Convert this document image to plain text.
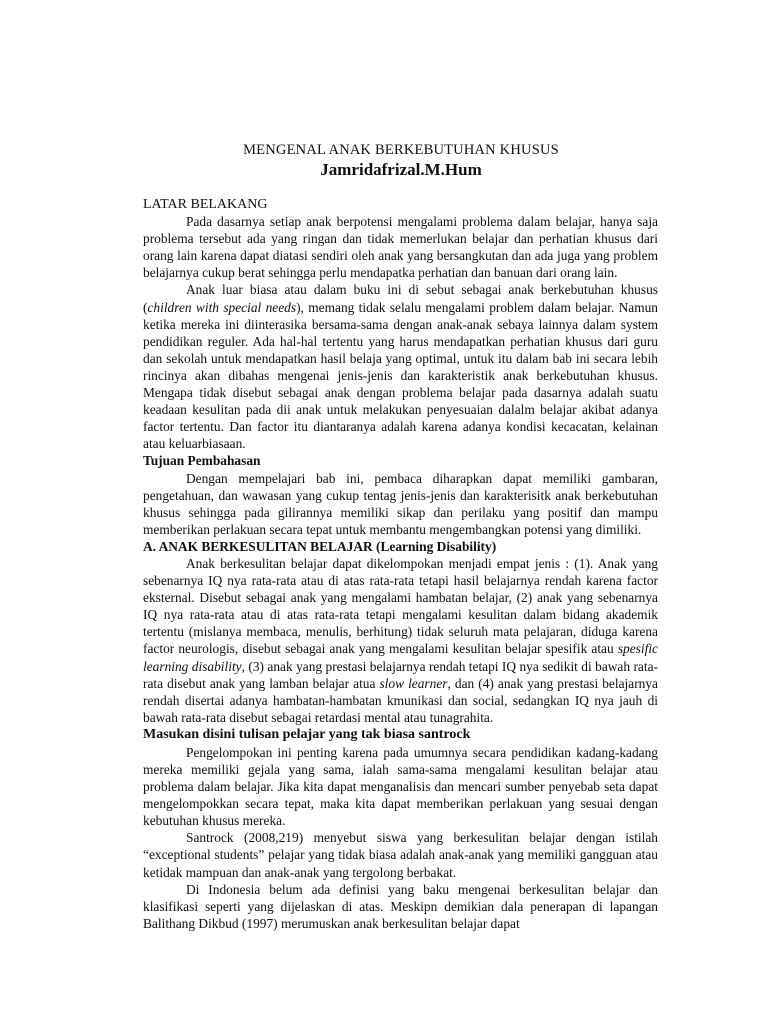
MENGENAL ANAK BERKEBUTUHAN KHUSUS
Jamridafrizal.M.Hum

LATAR BELAKANG

Pada dasarnya setiap anak berpotensi mengalami problema dalam belajar, hanya saja problema tersebut ada yang ringan dan tidak memerlukan belajar dan perhatian khusus dari orang lain karena dapat diatasi sendiri oleh anak yang bersangkutan dan ada juga yang problem belajarnya cukup berat sehingga perlu mendapatka perhatian dan banuan dari orang lain.

Anak luar biasa atau dalam buku ini di sebut sebagai anak berkebutuhan khusus (children with special needs), memang tidak selalu mengalami problem dalam belajar. Namun ketika mereka ini diinterasika bersama-sama dengan anak-anak sebaya lainnya dalam system pendidikan reguler. Ada hal-hal tertentu yang harus mendapatkan perhatian khusus dari guru dan sekolah untuk mendapatkan hasil belaja yang optimal, untuk itu dalam bab ini secara lebih rincinya akan dibahas mengenai jenis-jenis dan karakteristik anak berkebutuhan khusus. Mengapa tidak disebut sebagai anak dengan problema belajar pada dasarnya adalah suatu keadaan kesulitan pada dii anak untuk melakukan penyesuaian dalalm belajar akibat adanya factor tertentu. Dan factor itu diantaranya adalah karena adanya kondisi kecacatan, kelainan atau keluarbiasaan.

Tujuan Pembahasan

Dengan mempelajari bab ini, pembaca diharapkan dapat memiliki gambaran, pengetahuan, dan wawasan yang cukup tentag jenis-jenis dan karakterisitk anak berkebutuhan khusus sehingga pada gilirannya memiliki sikap dan perilaku yang positif dan mampu memberikan perlakuan secara tepat untuk membantu mengembangkan potensi yang dimiliki.

A. ANAK BERKESULITAN BELAJAR (Learning Disability)

Anak berkesulitan belajar dapat dikelompokan menjadi empat jenis : (1). Anak yang sebenarnya IQ nya rata-rata atau di atas rata-rata tetapi hasil belajarnya rendah karena factor eksternal. Disebut sebagai anak yang mengalami hambatan belajar, (2) anak yang sebenarnya IQ nya rata-rata atau di atas rata-rata tetapi mengalami kesulitan dalam bidang akademik tertentu (mislanya membaca, menulis, berhitung) tidak seluruh mata pelajaran, diduga karena factor neurologis, disebut sebagai anak yang mengalami kesulitan belajar spesifik atau spesific learning disability, (3) anak yang prestasi belajarnya rendah tetapi IQ nya sedikit di bawah rata-rata disebut anak yang lamban belajar atua slow learner, dan (4) anak yang prestasi belajarnya rendah disertai adanya hambatan-hambatan kmunikasi dan social, sedangkan IQ nya jauh di bawah rata-rata disebut sebagai retardasi mental atau tunagrahita.

Masukan disini tulisan pelajar yang tak biasa santrock

Pengelompokan ini penting karena pada umumnya secara pendidikan kadang-kadang mereka memiliki gejala yang sama, ialah sama-sama mengalami kesulitan belajar atau problema dalam belajar. Jika kita dapat menganalisis dan mencari sumber penyebab seta dapat mengelompokkan secara tepat, maka kita dapat memberikan perlakuan yang sesuai dengan kebutuhan khusus mereka.

Santrock (2008,219) menyebut siswa yang berkesulitan belajar dengan istilah “exceptional students” pelajar yang tidak biasa adalah anak-anak yang memiliki gangguan atau ketidak mampuan dan anak-anak yang tergolong berbakat.

Di Indonesia belum ada definisi yang baku mengenai berkesulitan belajar dan klasifikasi seperti yang dijelaskan di atas. Meskipn demikian dala penerapan di lapangan Balithang Dikbud (1997) merumuskan anak berkesulitan belajar dapat
